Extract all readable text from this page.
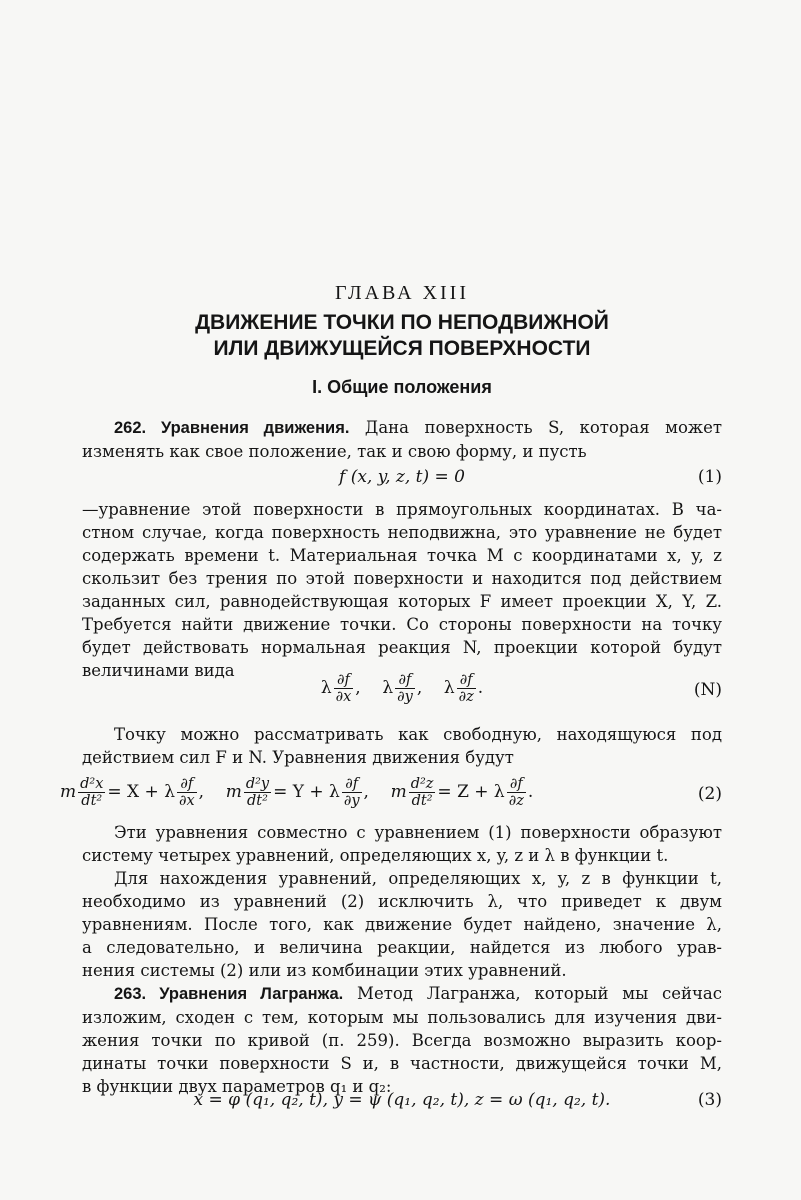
ГЛАВА XIII
ДВИЖЕНИЕ ТОЧКИ ПО НЕПОДВИЖНОЙ
ИЛИ ДВИЖУЩЕЙСЯ ПОВЕРХНОСТИ
I. Общие положения
262. Уравнения движения. Дана поверхность S, которая может
изменять как свое положение, так и свою форму, и пусть
f (x, y, z, t) = 0	(1)
—уравнение этой поверхности в прямоугольных координатах. В ча-
стном случае, когда поверхность неподвижна, это уравнение не будет
содержать времени t. Материальная точка M с координатами x, y, z
скользит без трения по этой поверхности и находится под действием
заданных сил, равнодействующая которых F имеет проекции X, Y, Z.
Требуется найти движение точки. Со стороны поверхности на точку
будет действовать нормальная реакция N, проекции которой будут
величинами вида
λ $\frac{\partial f}{\partial x}$ ,    λ $\frac{\partial f}{\partial y}$ ,    λ $\frac{\partial f}{\partial z}$ .	(N)
Точку можно рассматривать как свободную, находящуюся под
действием сил F и N. Уравнения движения будут
m $\frac{\text{d²x}}{\text{dt²}} = X + \lambda \frac{\partial f}{\partial x}$ ,    m $\frac{\text{d²y}}{\text{dt²}} = Y + \lambda \frac{\partial f}{\partial y}$ ,    m $\frac{\text{d²z}}{\text{dt²}} = Z + \lambda \frac{\partial f}{\partial z}$ .	(2)
Эти уравнения совместно с уравнением (1) поверхности образуют
систему четырех уравнений, определяющих x, y, z и λ в функции t.
Для нахождения уравнений, определяющих x, y, z в функции t,
необходимо из уравнений (2) исключить λ, что приведет к двум
уравнениям. После того, как движение будет найдено, значение λ,
а следовательно, и величина реакции, найдется из любого урав-
нения системы (2) или из комбинации этих уравнений.
263. Уравнения Лагранжа. Метод Лагранжа, который мы сейчас
изложим, сходен с тем, которым мы пользовались для изучения дви-
жения точки по кривой (п. 259). Всегда возможно выразить коор-
динаты точки поверхности S и, в частности, движущейся точки M,
в функции двух параметров q₁ и q₂:
x = φ (q₁, q₂, t), y = ψ (q₁, q₂, t), z = ω (q₁, q₂, t).	(3)
